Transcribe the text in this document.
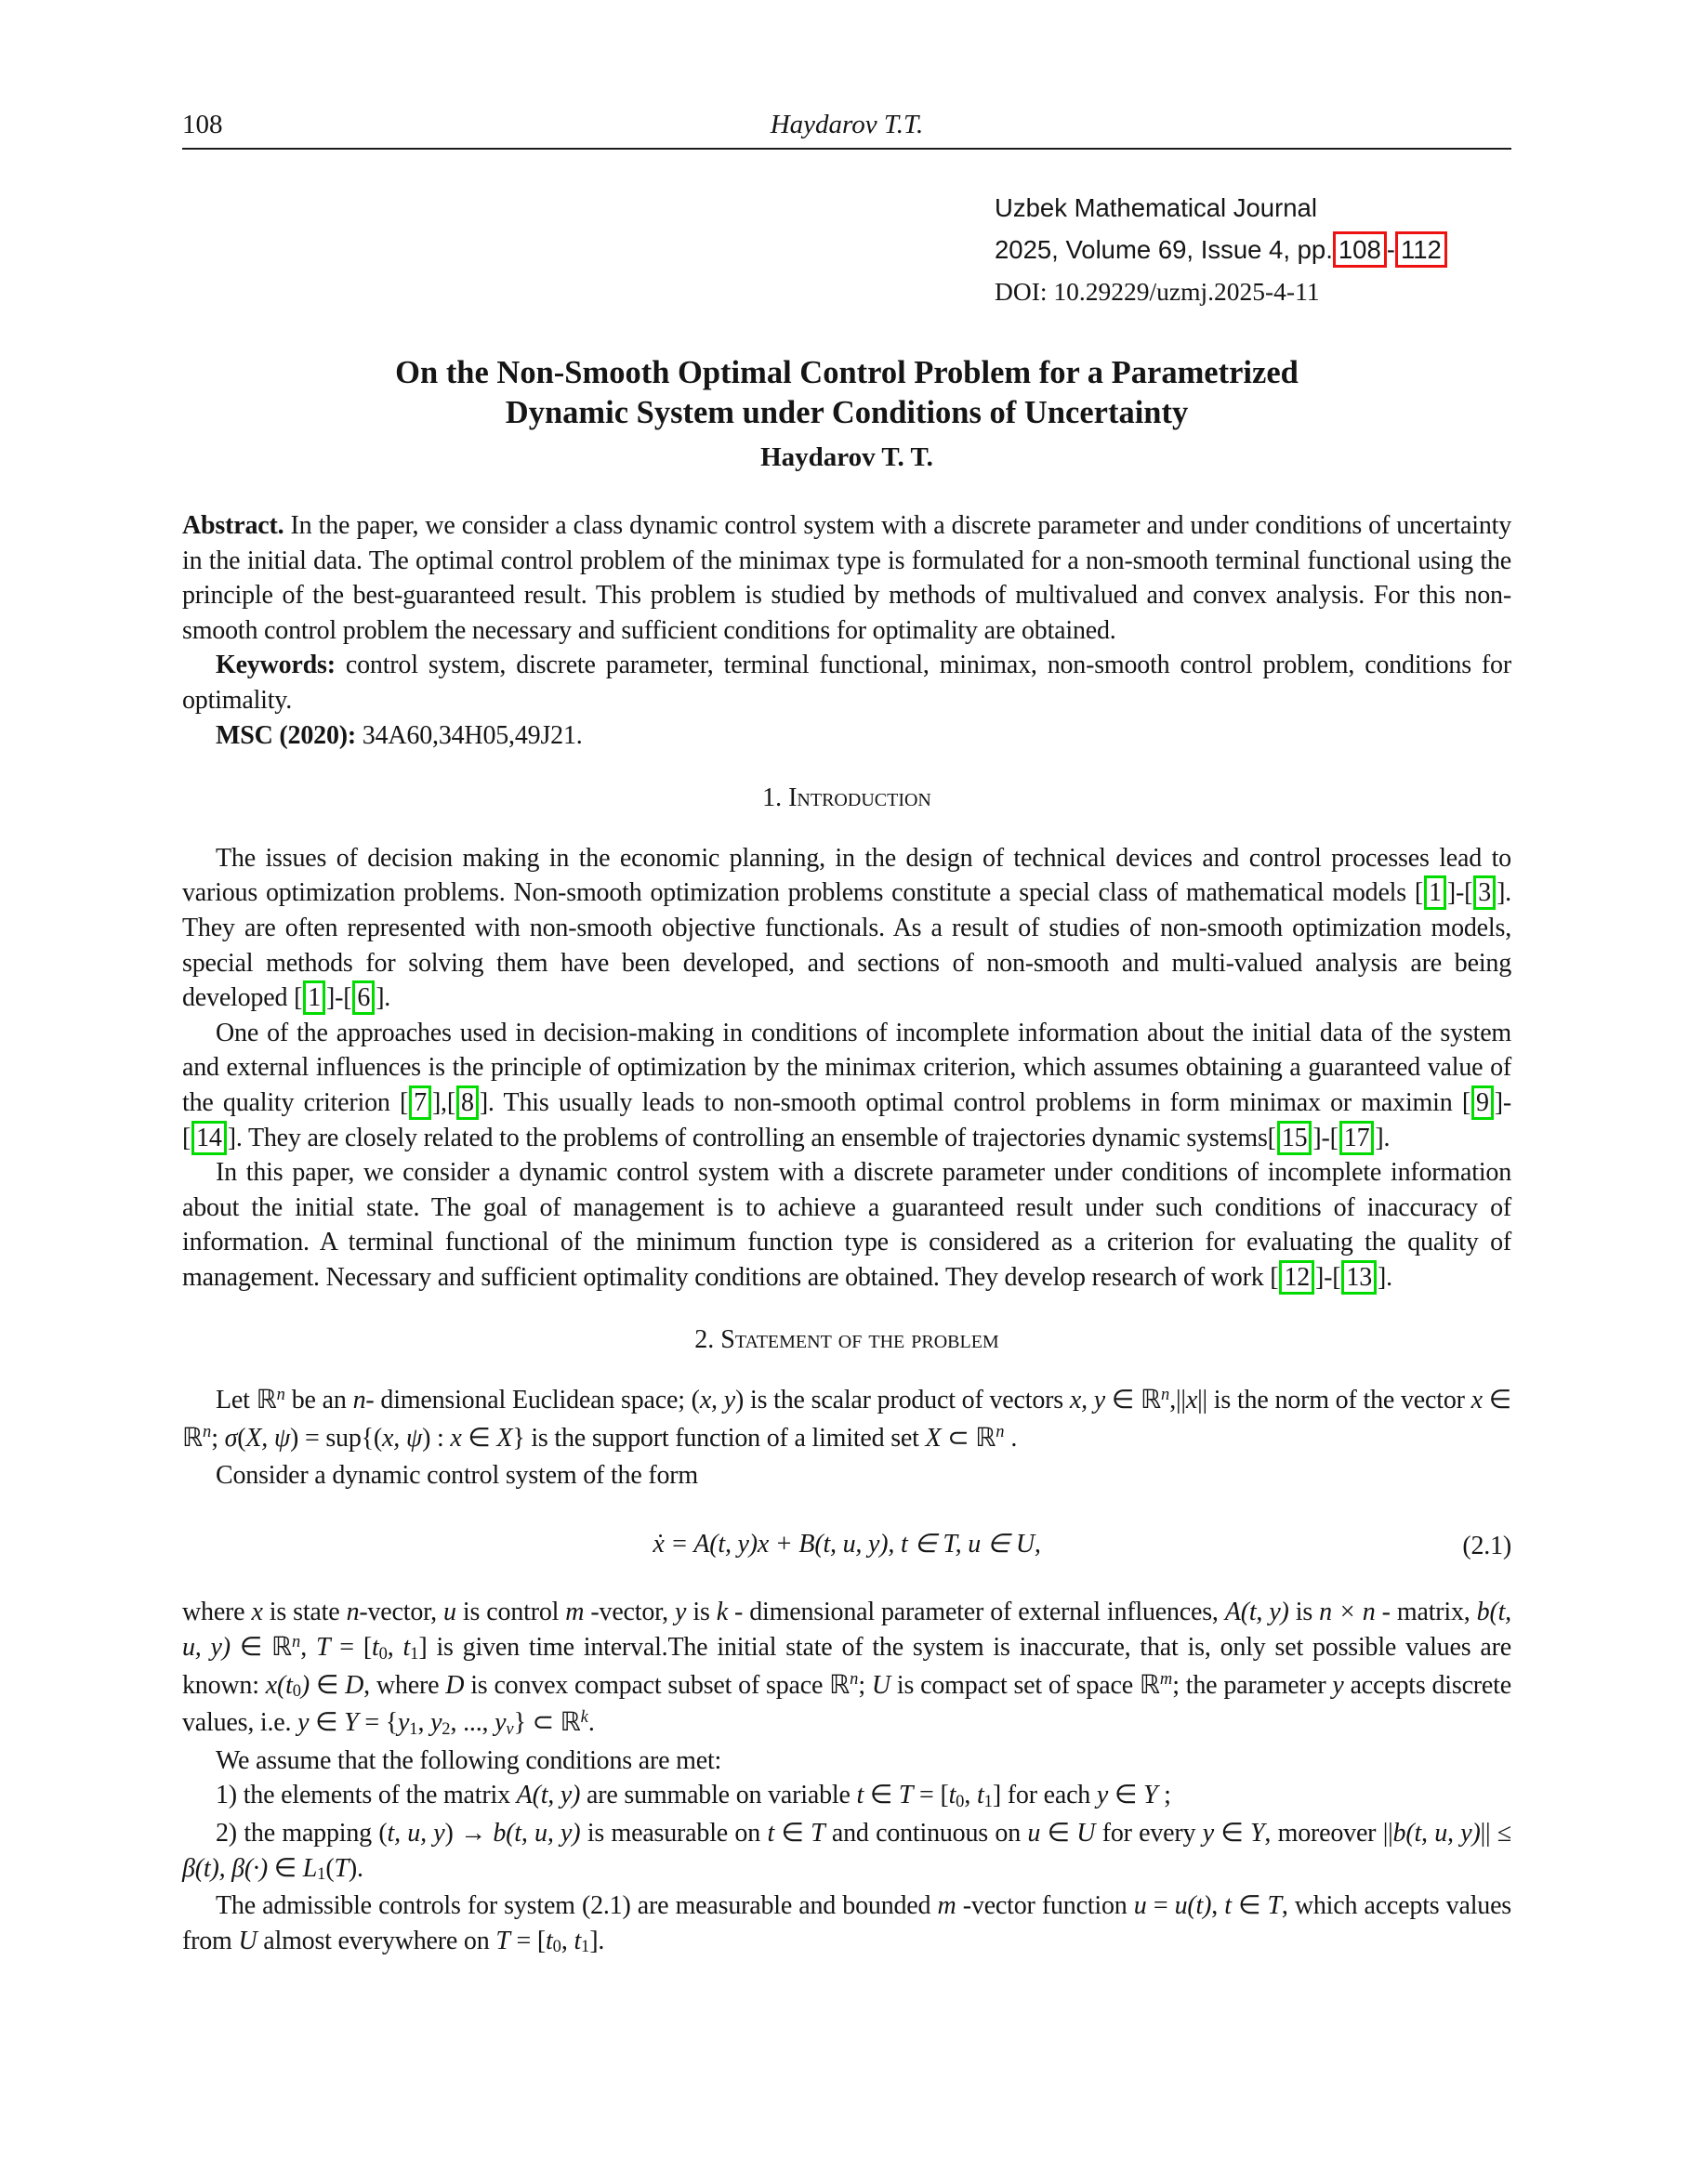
108	Haydarov T.T.
Uzbek Mathematical Journal
2025, Volume 69, Issue 4, pp. 108 - 112
DOI: 10.29229/uzmj.2025-4-11
On the Non-Smooth Optimal Control Problem for a Parametrized
Dynamic System under Conditions of Uncertainty
Haydarov T. T.

Abstract. In the paper, we consider a class dynamic control system with a discrete parameter and under conditions of uncertainty in the initial data. The optimal control problem of the minimax type is formulated for a non-smooth terminal functional using the principle of the best-guaranteed result. This problem is studied by methods of multivalued and convex analysis. For this non-smooth control problem the necessary and sufficient conditions for optimality are obtained.

Keywords: control system, discrete parameter, terminal functional, minimax, non-smooth control problem, conditions for optimality.

MSC (2020): 34A60,34H05,49J21.

1. Introduction

The issues of decision making in the economic planning, in the design of technical devices and control processes lead to various optimization problems. Non-smooth optimization problems constitute a special class of mathematical models [ 1 ]-[ 3 ]. They are often represented with non-smooth objective functionals. As a result of studies of non-smooth optimization models, special methods for solving them have been developed, and sections of non-smooth and multi-valued analysis are being developed [ 1 ]-[ 6 ].

One of the approaches used in decision-making in conditions of incomplete information about the initial data of the system and external influences is the principle of optimization by the minimax criterion, which assumes obtaining a guaranteed value of the quality criterion [ 7 ],[ 8 ]. This usually leads to non-smooth optimal control problems in form minimax or maximin [ 9 ]-[ 14 ]. They are closely related to the problems of controlling an ensemble of trajectories dynamic systems[ 15 ]-[ 17 ].

In this paper, we consider a dynamic control system with a discrete parameter under conditions of incomplete information about the initial state. The goal of management is to achieve a guaranteed result under such conditions of inaccuracy of information. A terminal functional of the minimum function type is considered as a criterion for evaluating the quality of management. Necessary and sufficient optimality conditions are obtained. They develop research of work [ 12 ]-[ 13 ].

2. Statement of the problem

Let ℝ$^n$ be an n- dimensional Euclidean space; (x, y) is the scalar product of vectors x, y ∈ ℝ$^n$,||x|| is the norm of the vector x ∈ ℝ$^n$; σ(X, ψ) = sup{(x, ψ) : x ∈ X} is the support function of a limited set X ⊂ ℝ$^n$ .

Consider a dynamic control system of the form

ẋ = A(t, y)x + B(t, u, y), t ∈ T, u ∈ U,	(2.1)

where x is state n-vector, u is control m -vector, y is k - dimensional parameter of external influences, A(t, y) is n × n - matrix, b(t, u, y) ∈ ℝ$^n$, T = [t0, t1] is given time interval.The initial state of the system is inaccurate, that is, only set possible values are known: x(t0) ∈ D, where D is convex compact subset of space ℝ$^n$; U is compact set of space ℝ$^m$; the parameter y accepts discrete values, i.e. y ∈ Y = {y1, y2, ..., yv} ⊂ ℝ$^k$.

We assume that the following conditions are met:

1) the elements of the matrix A(t, y) are summable on variable t ∈ T = [t0, t1] for each y ∈ Y ;

2) the mapping (t, u, y) → b(t, u, y) is measurable on t ∈ T and continuous on u ∈ U for every y ∈ Y, moreover ||b(t, u, y)|| ≤ β(t), β(·) ∈ L1(T).

The admissible controls for system (2.1) are measurable and bounded m -vector function u = u(t), t ∈ T, which accepts values from U almost everywhere on T = [t0, t1].
